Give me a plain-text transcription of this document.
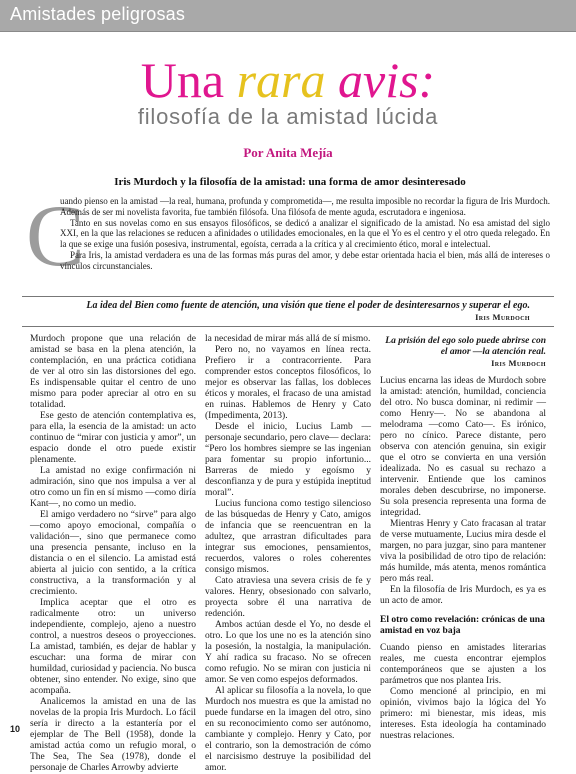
Amistades peligrosas
Una rara avis:
filosofía de la amistad lúcida
Por Anita Mejía
Iris Murdoch y la filosofía de la amistad: una forma de amor desinteresado
C

uando pienso en la amistad —la real, humana, profunda y comprometida—, me resulta imposible no recordar la figura de Iris Murdoch. Además de ser mi novelista favorita, fue también filósofa. Una filósofa de mente aguda, escrutadora e ingeniosa.

Tanto en sus novelas como en sus ensayos filosóficos, se dedicó a analizar el significado de la amistad. No esa amistad del siglo XXI, en la que las relaciones se reducen a afinidades o utilidades emocionales, en la que el Yo es el centro y el otro queda relegado. En la que se exige una fusión posesiva, instrumental, egoísta, cerrada a la crítica y al crecimiento ético, moral e intelectual.

Para Iris, la amistad verdadera es una de las formas más puras del amor, y debe estar orientada hacia el bien, más allá de intereses o vínculos circunstanciales.

La idea del Bien como fuente de atención, una visión que tiene el poder de desinteresarnos y superar el ego.
Iris Murdoch

Murdoch propone que una relación de amistad se basa en la plena atención, la contemplación, en una práctica cotidiana de ver al otro sin las distorsiones del ego. Es indispensable quitar el centro de uno mismo para poder apreciar al otro en su totalidad.

Ese gesto de atención contemplativa es, para ella, la esencia de la amistad: un acto continuo de “mirar con justicia y amor”, un espacio donde el otro puede existir plenamente.

La amistad no exige confirmación ni admiración, sino que nos impulsa a ver al otro como un fin en sí mismo —como diría Kant—, no como un medio.

El amigo verdadero no “sirve” para algo —como apoyo emocional, compañía o validación—, sino que permanece como una presencia pensante, incluso en la distancia o en el silencio. La amistad está abierta al juicio con sentido, a la crítica constructiva, a la transformación y al crecimiento.

Implica aceptar que el otro es radicalmente otro: un universo independiente, complejo, ajeno a nuestro control, a nuestros deseos o proyecciones. La amistad, también, es dejar de hablar y escuchar: una forma de mirar con humildad, curiosidad y paciencia. No busca obtener, sino entender. No exige, sino que acompaña.

Analicemos la amistad en una de las novelas de la propia Iris Murdoch. Lo fácil sería ir directo a la estantería por el ejemplar de The Bell (1958), donde la amistad actúa como un refugio moral, o The Sea, The Sea (1978), donde el personaje de Charles Arrowby advierte

la necesidad de mirar más allá de sí mismo.

Pero no, no vayamos en línea recta. Prefiero ir a contracorriente. Para comprender estos conceptos filosóficos, lo mejor es observar las fallas, los dobleces éticos y morales, el fracaso de una amistad en ruinas. Hablemos de Henry y Cato (Impedimenta, 2013).

Desde el inicio, Lucius Lamb —personaje secundario, pero clave— declara: “Pero los hombres siempre se las ingenian para fomentar su propio infortunio... Barreras de miedo y egoísmo y desconfianza y de pura y estúpida ineptitud moral”.

Lucius funciona como testigo silencioso de las búsquedas de Henry y Cato, amigos de infancia que se reencuentran en la adultez, que arrastran dificultades para integrar sus emociones, pensamientos, recuerdos, valores o roles coherentes consigo mismos.

Cato atraviesa una severa crisis de fe y valores. Henry, obsesionado con salvarlo, proyecta sobre él una narrativa de redención.

Ambos actúan desde el Yo, no desde el otro. Lo que los une no es la atención sino la posesión, la nostalgia, la manipulación. Y ahí radica su fracaso. No se ofrecen como refugio. No se miran con justicia ni amor. Se ven como espejos deformados.

Al aplicar su filosofía a la novela, lo que Murdoch nos muestra es que la amistad no puede fundarse en la imagen del otro, sino en su reconocimiento como ser autónomo, cambiante y complejo. Henry y Cato, por el contrario, son la demostración de cómo el narcisismo destruye la posibilidad del amor.

La prisión del ego solo puede abrirse con el amor —la atención real.
Iris Murdoch

Lucius encarna las ideas de Murdoch sobre la amistad: atención, humildad, conciencia del otro. No busca dominar, ni redimir —como Henry—. No se abandona al melodrama —como Cato—. Es irónico, pero no cínico. Parece distante, pero observa con atención genuina, sin exigir que el otro se convierta en una versión idealizada. No es casual su rechazo a intervenir. Entiende que los caminos morales deben descubrirse, no imponerse. Su sola presencia representa una forma de integridad.

Mientras Henry y Cato fracasan al tratar de verse mutuamente, Lucius mira desde el margen, no para juzgar, sino para mantener viva la posibilidad de otro tipo de relación: más humilde, más atenta, menos romántica pero más real.

En la filosofía de Iris Murdoch, es ya es un acto de amor.

El otro como revelación: crónicas de una amistad en voz baja

Cuando pienso en amistades literarias reales, me cuesta encontrar ejemplos contemporáneos que se ajusten a los parámetros que nos plantea Iris.

Como mencioné al principio, en mi opinión, vivimos bajo la lógica del Yo primero: mi bienestar, mis ideas, mis intereses. Esta ideología ha contaminado nuestras relaciones.

10
